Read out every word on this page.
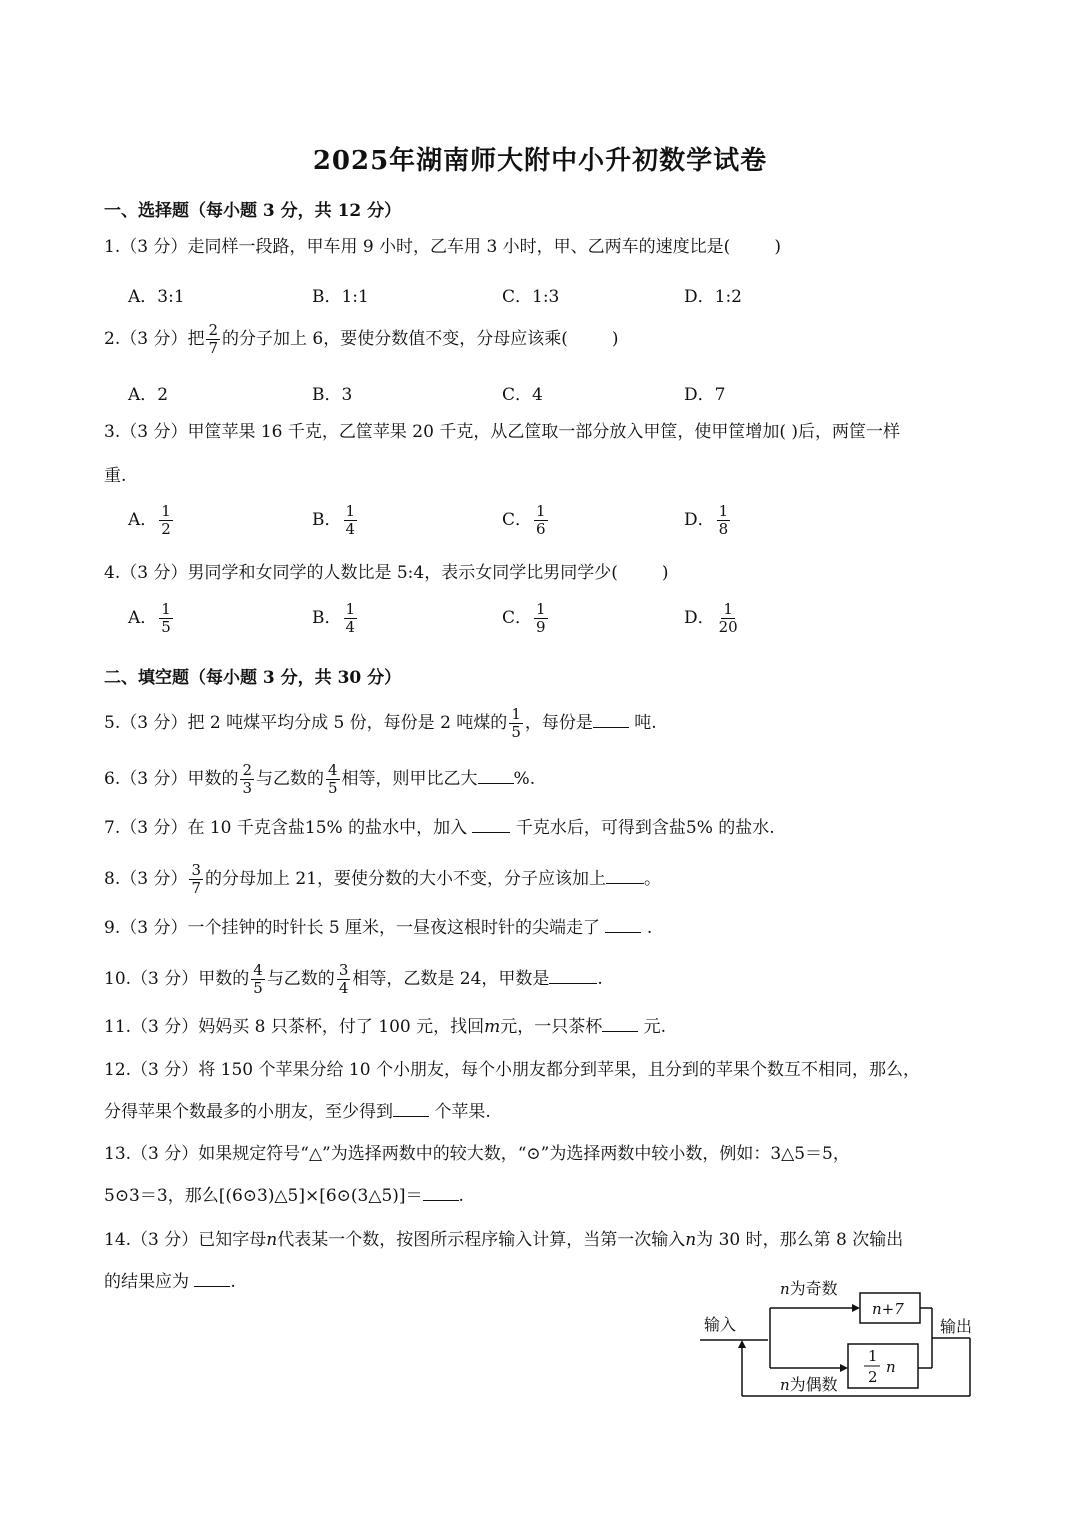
2025年湖南师大附中小升初数学试卷
一、选择题（每小题 3 分，共 12 分）
1.（3 分）走同样一段路，甲车用 9 小时，乙车用 3 小时，甲、乙两车的速度比是(	)
A．3:1	B．1:1	C．1:3	D．1:2
2.（3 分）把 $\frac{2}{7}$ 的分子加上 6，要使分数值不变，分母应该乘(	)
A．2	B．3	C．4	D．7
3.（3 分）甲筐苹果 16 千克，乙筐苹果 20 千克，从乙筐取一部分放入甲筐，使甲筐增加( )后，两筐一样
重.
A． $\frac{1}{2}$	B． $\frac{1}{4}$	C． $\frac{1}{6}$	D． $\frac{1}{8}$
4.（3 分）男同学和女同学的人数比是 5:4，表示女同学比男同学少(	)
A． $\frac{1}{5}$	B． $\frac{1}{4}$	C． $\frac{1}{9}$	D． $\frac{1}{20}$
二、填空题（每小题 3 分，共 30 分）
5.（3 分）把 2 吨煤平均分成 5 份，每份是 2 吨煤的 $\frac{1}{5}$ ，每份是 吨.
6.（3 分）甲数的 $\frac{2}{3}$ 与乙数的 $\frac{4}{5}$ 相等，则甲比乙大 %.
7.（3 分）在 10 千克含盐15% 的盐水中，加入	千克水后，可得到含盐5% 的盐水.
8.（3 分） $\frac{3}{7}$ 的分母加上 21，要使分数的大小不变，分子应该加上 。
9.（3 分）一个挂钟的时针长 5 厘米，一昼夜这根时针的尖端走了	.
10.（3 分）甲数的 $\frac{4}{5}$ 与乙数的 $\frac{3}{4}$ 相等，乙数是 24，甲数是	.
11.（3 分）妈妈买 8 只茶杯，付了 100 元，找回m元，一只茶杯 元.
12.（3 分）将 150 个苹果分给 10 个小朋友，每个小朋友都分到苹果，且分到的苹果个数互不相同，那么，
分得苹果个数最多的小朋友，至少得到 个苹果.
13.（3 分）如果规定符号“△”为选择两数中的较大数，“⊙”为选择两数中较小数，例如：3△5＝5，
5⊙3＝3，那么[(6⊙3)△5]×[6⊙(3△5)]＝ .
14.（3 分）已知字母n代表某一个数，按图所示程序输入计算，当第一次输入n为 30 时，那么第 8 次输出
的结果应为 .
输入	输出
n为奇数
n为偶数
n+7
1
2
n
